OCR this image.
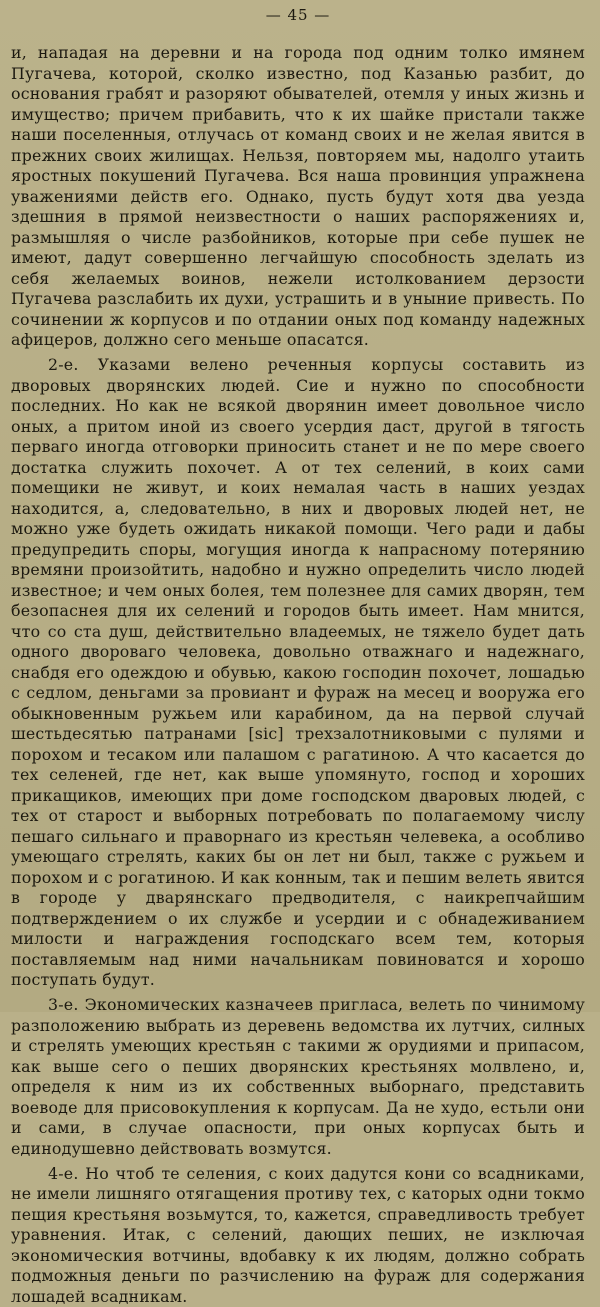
— 45 —

и, нападая на деревни и на города под одним толко имянем Пугачева, которой, сколко известно, под Казанью разбит, до основания грабят и разоряют обывателей, отемля у иных жизнь и имущество; причем прибавить, что к их шайке пристали также наши поселенныя, отлучась от команд своих и не желая явится в прежних своих жилищах. Нельзя, повторяем мы, надолго утаить яростных покушений Пугачева. Вся наша провинция упражнена уважениями действ его. Однако, пусть будут хотя два уезда здешния в прямой неизвестности о наших распоряжениях и, размышляя о числе разбойников, которые при себе пушек не имеют, дадут совершенно легчайшую способность зделать из себя желаемых воинов, нежели истолкованием дерзости Пугачева разслабить их духи, устрашить и в уныние привесть. По сочинении ж корпусов и по отдании оных под команду надежных афицеров, должно сего меньше опасатся.

2-е. Указами велено реченныя корпусы составить из дворовых дворянских людей. Сие и нужно по способности последних. Но как не всякой дворянин имеет довольное число оных, а притом иной из своего усердия даст, другой в тягость перваго иногда отговорки приносить станет и не по мере своего достатка служить похочет. А от тех селений, в коих сами помещики не живут, и коих немалая часть в наших уездах находится, а, следовательно, в них и дворовых людей нет, не можно уже будеть ожидать никакой помощи. Чего ради и дабы предупредить споры, могущия иногда к напрасному потерянию времяни произойтить, надобно и нужно определить число людей известное; и чем оных болея, тем полезнее для самих дворян, тем безопаснея для их селений и городов быть имеет. Нам мнится, что со ста душ, действительно владеемых, не тяжело будет дать одного двороваго человека, довольно отважнаго и надежнаго, снабдя его одеждою и обувью, какою господин похочет, лошадью с седлом, деньгами за провиант и фураж на месец и вооружа его обыкновенным ружьем или карабином, да на первой случай шестьдесятью патранами [sic] трехзалотниковыми с пулями и порохом и тесаком или палашом с рагатиною. А что касается до тех селеней, где нет, как выше упомянуто, господ и хороших прикащиков, имеющих при доме господском дваровых людей, с тех от старост и выборных потребовать по полагаемому числу пешаго сильнаго и праворнаго из крестьян челевека, а особливо умеющаго стрелять, каких бы он лет ни был, также с ружьем и порохом и с рогатиною. И как конным, так и пешим велеть явится в городе у дварянскаго предводителя, с наикрепчайшим подтверждением о их службе и усердии и с обнадеживанием милости и награждения господскаго всем тем, которыя поставляемым над ними начальникам повиноватся и хорошо поступать будут.

3-е. Экономических казначеев пригласа, велеть по чинимому разположению выбрать из деревень ведомства их лутчих, силных и стрелять умеющих крестьян с такими ж орудиями и припасом, как выше сего о пеших дворянских крестьянях молвлено, и, определя к ним из их собственных выборнаго, представить воеводе для присовокупления к корпусам. Да не худо, естьли они и сами, в случае опасности, при оных корпусах быть и единодушевно действовать возмутся.

4-е. Но чтоб те селения, с коих дадутся кони со всадниками, не имели лишняго отягащения противу тех, с каторых одни токмо пещия крестьяня возьмутся, то, кажется, справедливость требует уравнения. Итак, с селений, дающих пеших, не изключая экономическия вотчины, вдобавку к их людям, должно собрать подможныя деньги по разчислению на фураж для содержания лошадей всадникам.
